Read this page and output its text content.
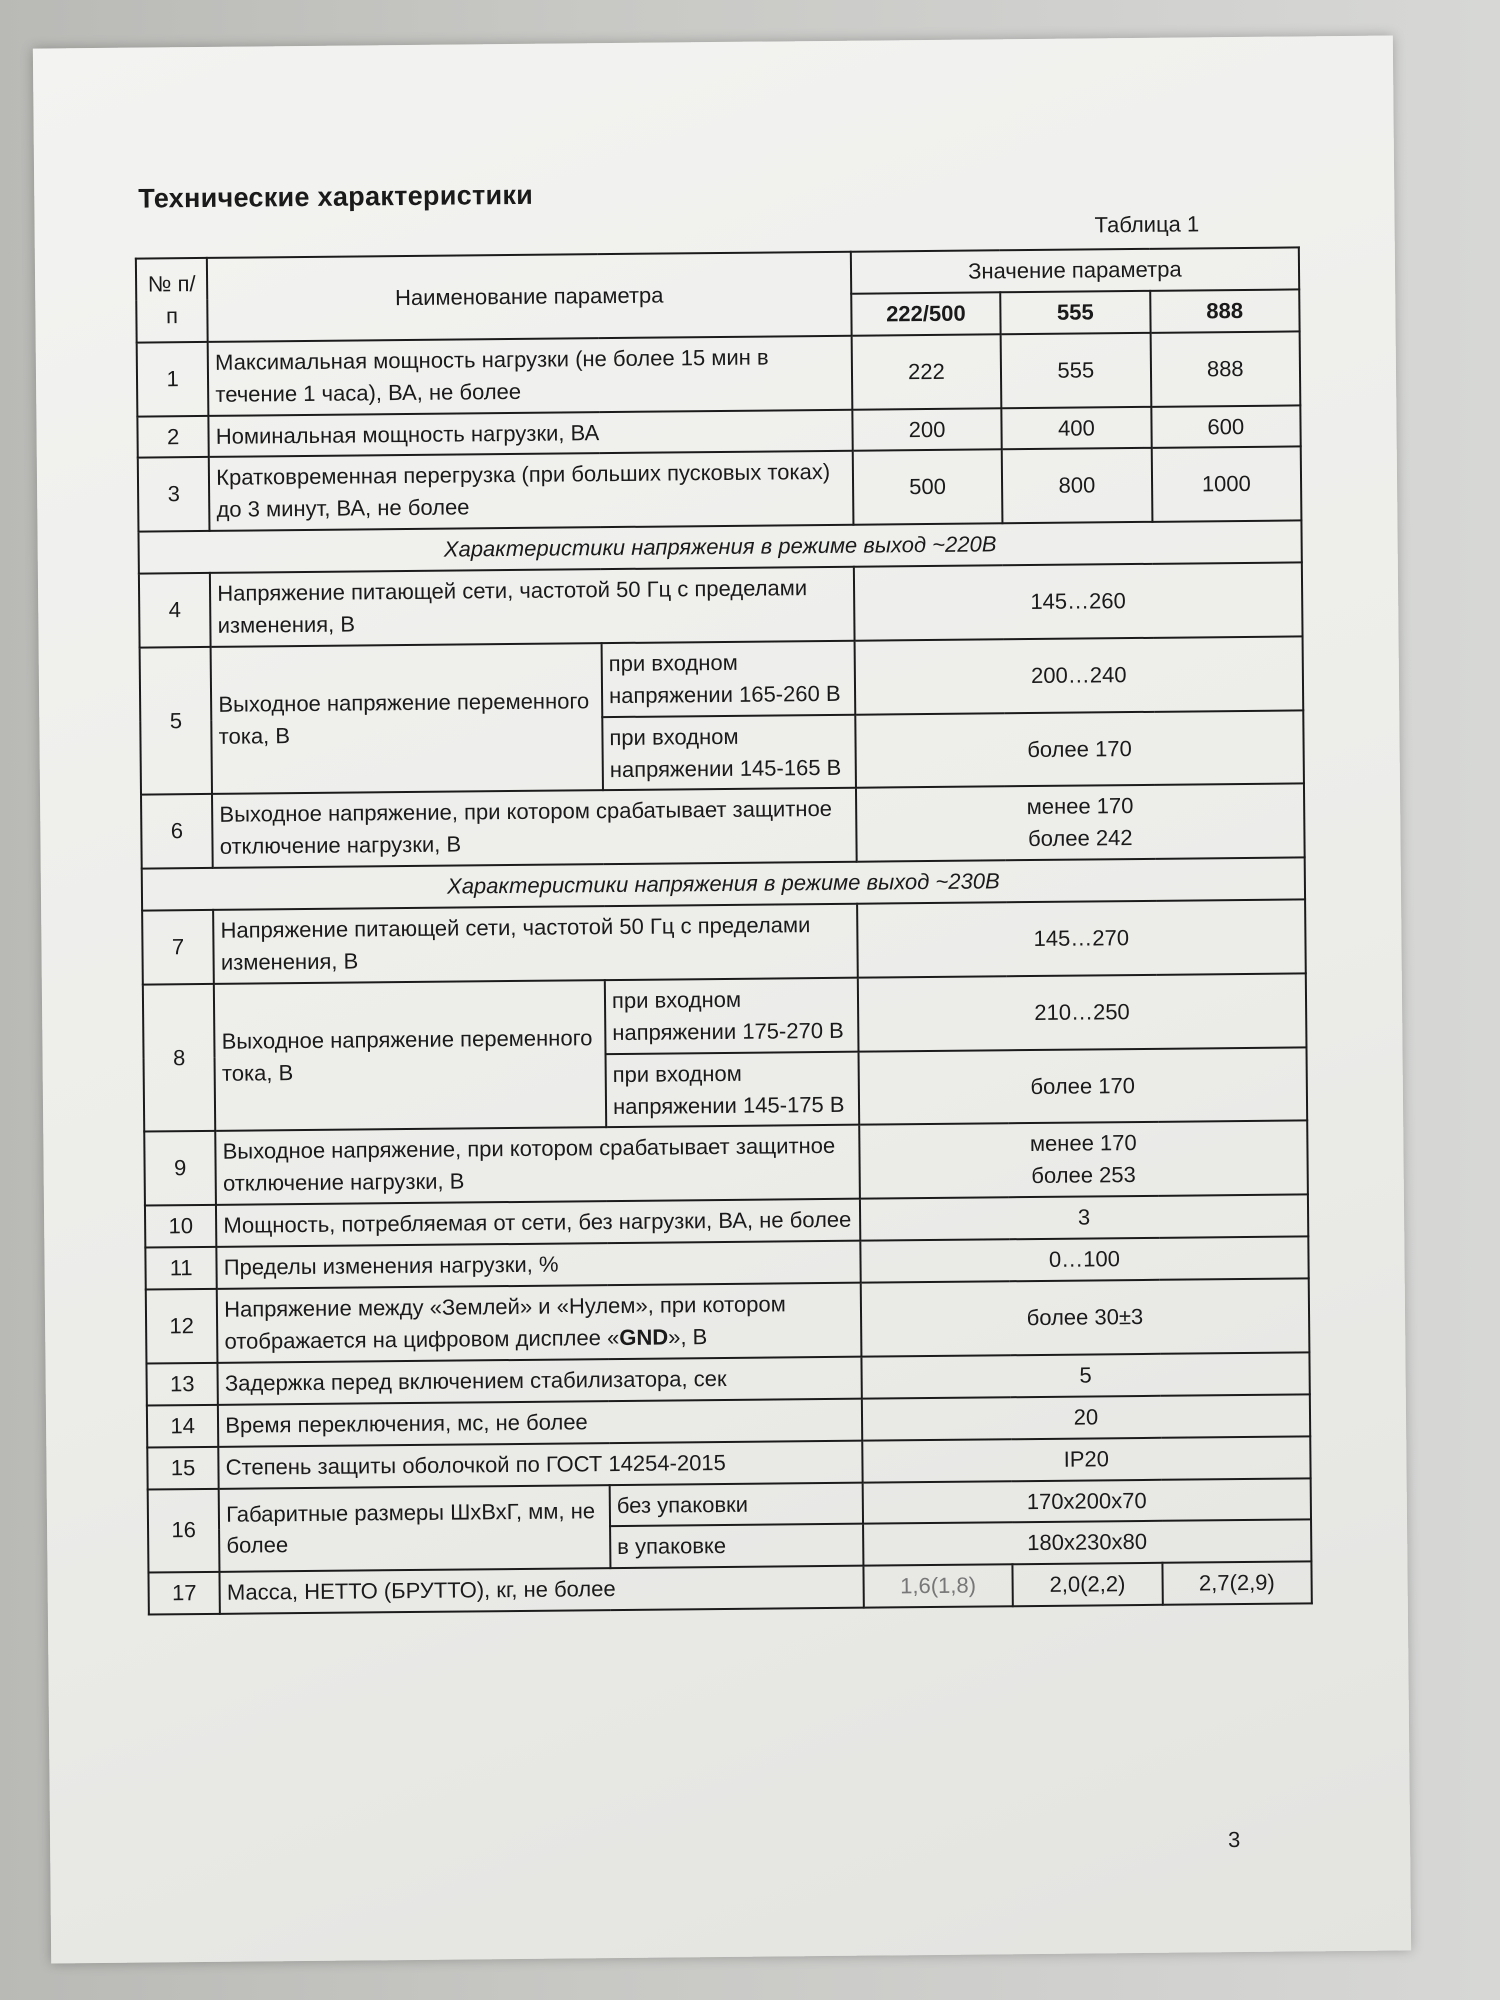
Технические характеристики
Таблица 1
№ п/п	Наименование параметра		Значение параметра		
			222/500	555	888
1	Максимальная мощность нагрузки (не более 15 мин в течение 1 часа), ВА, не более		222	555	888
2	Номинальная мощность нагрузки, ВА		200	400	600
3	Кратковременная перегрузка (при больших пусковых токах) до 3 минут, ВА, не более		500	800	1000
Характеристики напряжения в режиме выход ~220В					
4	Напряжение питающей сети, частотой 50 Гц с пределами изменения, В		145…260		
5	Выходное напряжение переменного тока, В	при входном напряжении 165-260 В	200…240		
		при входном напряжении 145-165 В	более 170		
6	Выходное напряжение, при котором срабатывает защитное отключение нагрузки, В		менее 170
более 242		

Характеристики напряжения в режиме выход ~230В					
7	Напряжение питающей сети, частотой 50 Гц с пределами изменения, В		145…270		
8	Выходное напряжение переменного тока, В	при входном напряжении 175-270 В	210…250		
		при входном напряжении 145-175 В	более 170		
9	Выходное напряжение, при котором срабатывает защитное отключение нагрузки, В		менее 170
более 253		

10	Мощность, потребляемая от сети, без нагрузки, ВА, не более		3		
11	Пределы изменения нагрузки, %		0…100		
12	Напряжение между «Землей» и «Нулем», при котором отображается на цифровом дисплее «GND», В		более 30±3		
13	Задержка перед включением стабилизатора, сек		5		
14	Время переключения, мс, не более		20		
15	Степень защиты оболочкой по ГОСТ 14254-2015		IP20		
16	Габаритные размеры ШхВхГ, мм, не более	без упаковки	170x200x70		
		в упаковке	180x230x80		
17	Масса, НЕТТО (БРУТТО), кг, не более		1,6(1,8)	2,0(2,2)	2,7(2,9)
3
